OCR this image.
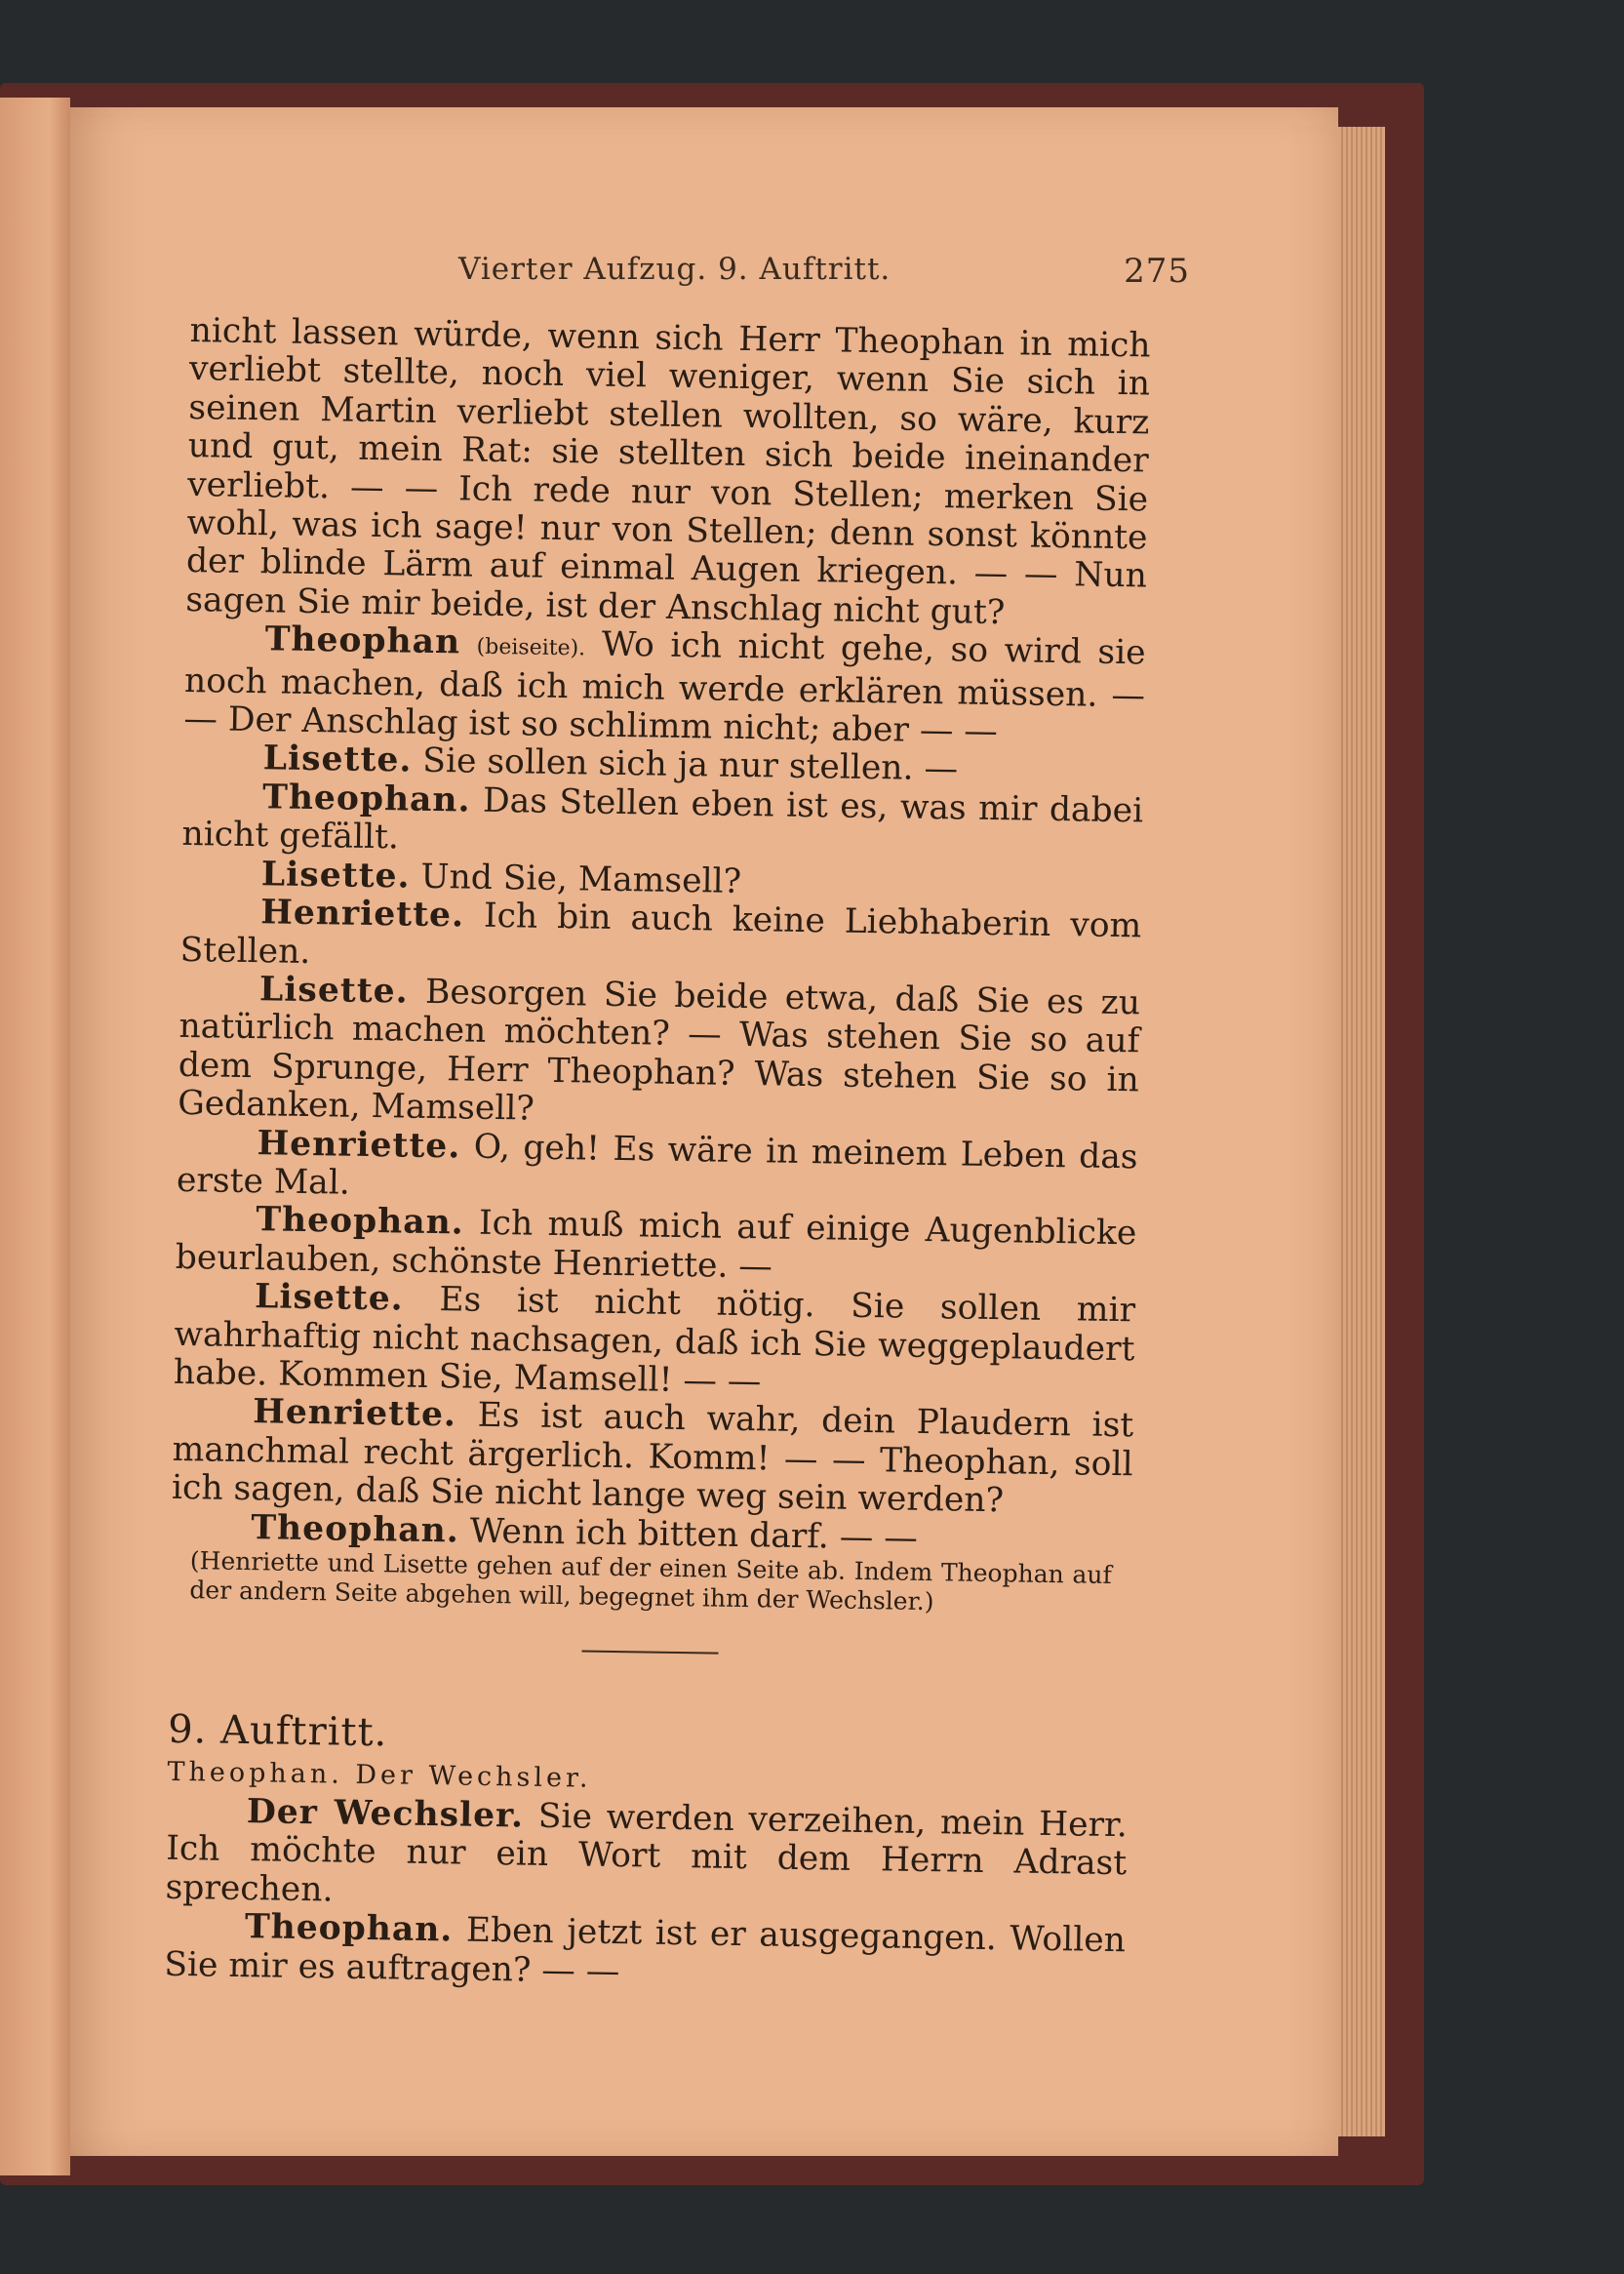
Vierter Aufzug. 9. Auftritt.	275

nicht lassen würde, wenn sich Herr Theophan in mich verliebt stellte, noch viel weniger, wenn Sie sich in seinen Martin verliebt stellen wollten, so wäre, kurz und gut, mein Rat: sie stellten sich beide ineinander verliebt. — — Ich rede nur von Stellen; merken Sie wohl, was ich sage! nur von Stellen; denn sonst könnte der blinde Lärm auf einmal Augen kriegen. — — Nun sagen Sie mir beide, ist der Anschlag nicht gut?

Theophan (beiseite). Wo ich nicht gehe, so wird sie noch machen, daß ich mich werde erklären müssen. — — Der Anschlag ist so schlimm nicht; aber — —

Lisette. Sie sollen sich ja nur stellen. —

Theophan. Das Stellen eben ist es, was mir dabei nicht gefällt.

Lisette. Und Sie, Mamsell?

Henriette. Ich bin auch keine Liebhaberin vom Stellen.

Lisette. Besorgen Sie beide etwa, daß Sie es zu natürlich machen möchten? — Was stehen Sie so auf dem Sprunge, Herr Theophan? Was stehen Sie so in Gedanken, Mamsell?

Henriette. O, geh! Es wäre in meinem Leben das erste Mal.

Theophan. Ich muß mich auf einige Augenblicke beurlauben, schönste Henriette. —

Lisette. Es ist nicht nötig. Sie sollen mir wahrhaftig nicht nachsagen, daß ich Sie weggeplaudert habe. Kommen Sie, Mamsell! — —

Henriette. Es ist auch wahr, dein Plaudern ist manchmal recht ärgerlich. Komm! — — Theophan, soll ich sagen, daß Sie nicht lange weg sein werden?

Theophan. Wenn ich bitten darf. — —

(Henriette und Lisette gehen auf der einen Seite ab. Indem Theophan auf der andern Seite abgehen will, begegnet ihm der Wechsler.)

9. Auftritt.

Theophan. Der Wechsler.

Der Wechsler. Sie werden verzeihen, mein Herr. Ich möchte nur ein Wort mit dem Herrn Adrast sprechen.

Theophan. Eben jetzt ist er ausgegangen. Wollen Sie mir es auftragen? — —
